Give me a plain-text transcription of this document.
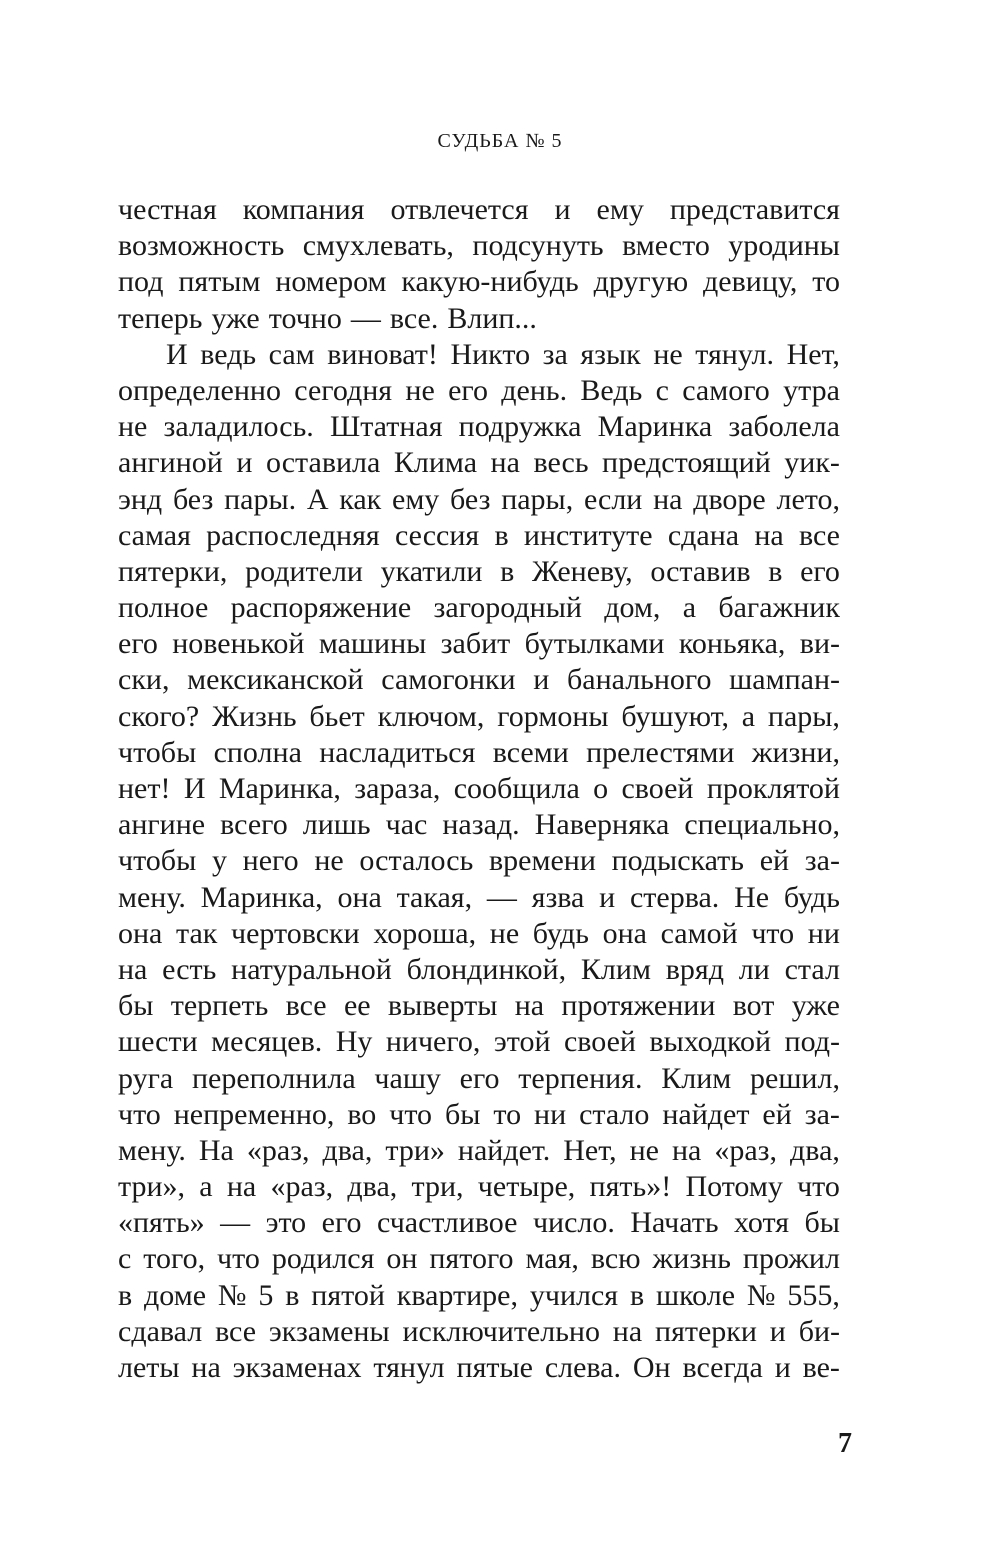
СУДЬБА № 5
честная компания отвлечется и ему представится
возможность смухлевать, подсунуть вместо уродины
под пятым номером какую-нибудь другую девицу, то
теперь уже точно — все. Влип...
И ведь сам виноват! Никто за язык не тянул. Нет,
определенно сегодня не его день. Ведь с самого утра
не заладилось. Штатная подружка Маринка заболела
ангиной и оставила Клима на весь предстоящий уик-
энд без пары. А как ему без пары, если на дворе лето,
самая распоследняя сессия в институте сдана на все
пятерки, родители укатили в Женеву, оставив в его
полное распоряжение загородный дом, а багажник
его новенькой машины забит бутылками коньяка, ви-
ски, мексиканской самогонки и банального шампан-
ского? Жизнь бьет ключом, гормоны бушуют, а пары,
чтобы сполна насладиться всеми прелестями жизни,
нет! И Маринка, зараза, сообщила о своей проклятой
ангине всего лишь час назад. Наверняка специально,
чтобы у него не осталось времени подыскать ей за-
мену. Маринка, она такая, — язва и стерва. Не будь
она так чертовски хороша, не будь она самой что ни
на есть натуральной блондинкой, Клим вряд ли стал
бы терпеть все ее выверты на протяжении вот уже
шести месяцев. Ну ничего, этой своей выходкой под-
руга переполнила чашу его терпения. Клим решил,
что непременно, во что бы то ни стало найдет ей за-
мену. На «раз, два, три» найдет. Нет, не на «раз, два,
три», а на «раз, два, три, четыре, пять»! Потому что
«пять» — это его счастливое число. Начать хотя бы
с того, что родился он пятого мая, всю жизнь прожил
в доме № 5 в пятой квартире, учился в школе № 555,
сдавал все экзамены исключительно на пятерки и би-
леты на экзаменах тянул пятые слева. Он всегда и ве-
7
